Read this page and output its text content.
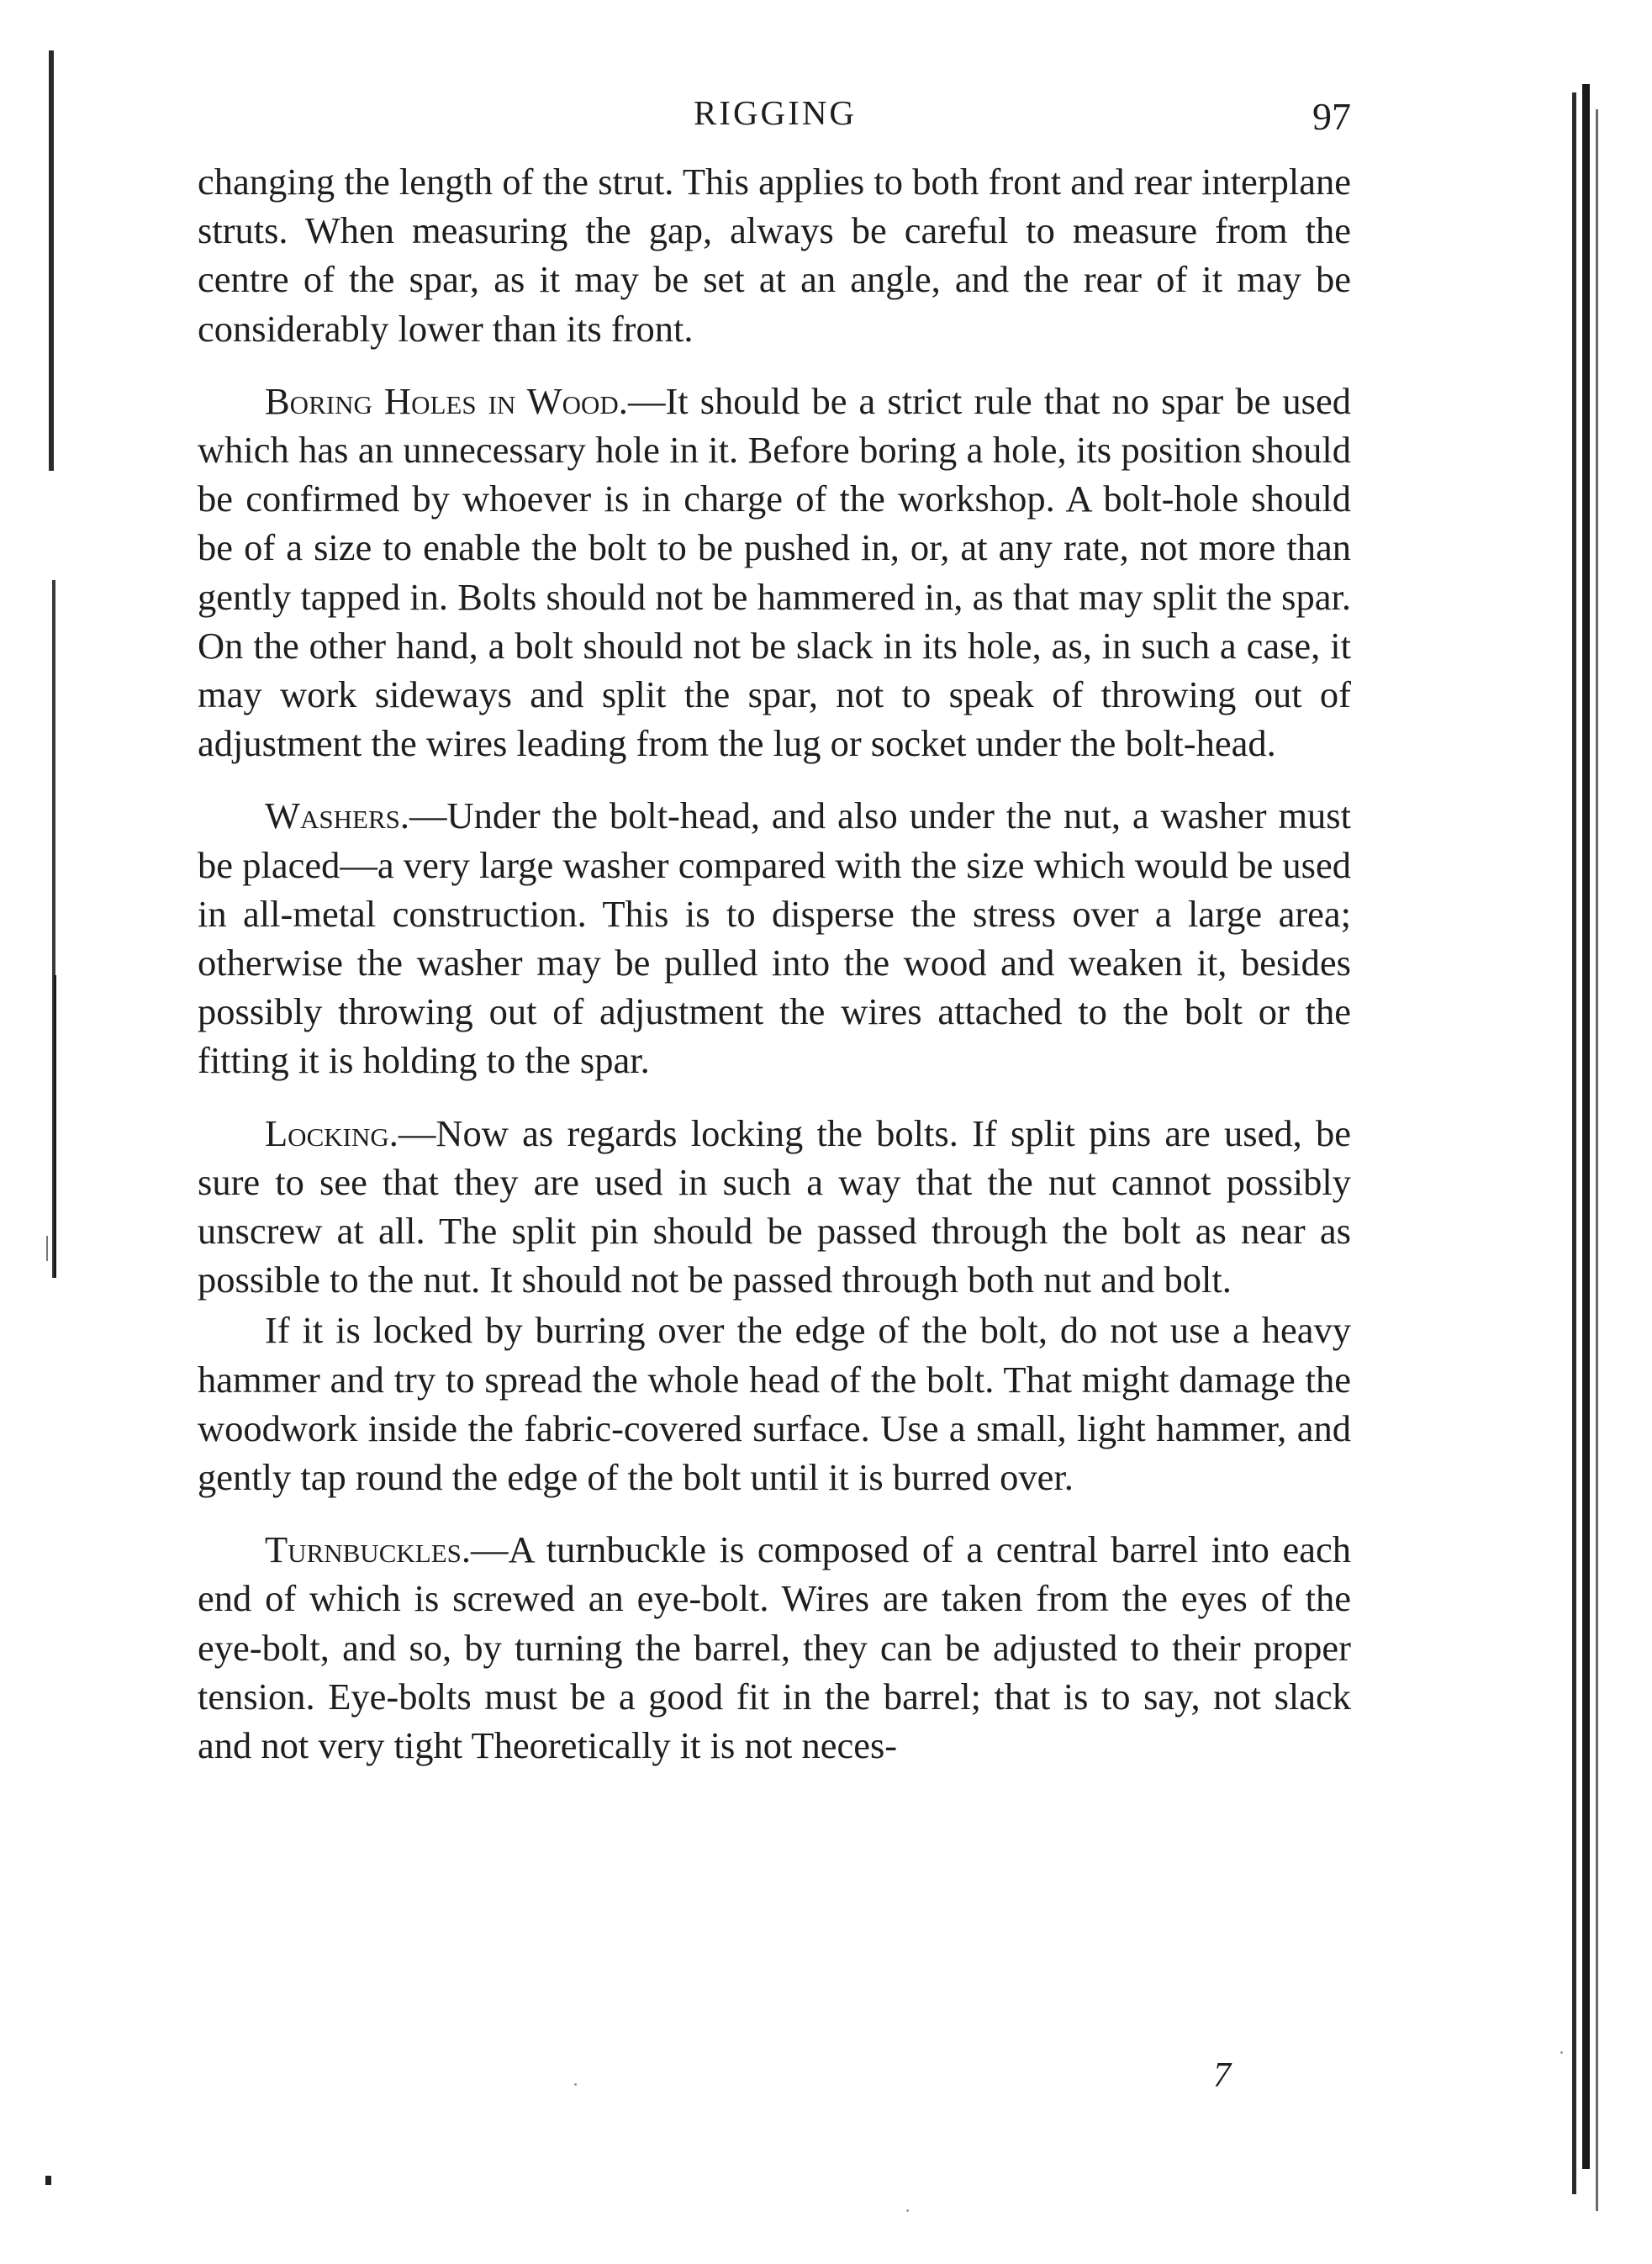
RIGGING	97

changing the length of the strut. This applies to both front and rear interplane struts. When measuring the gap, always be careful to measure from the centre of the spar, as it may be set at an angle, and the rear of it may be considerably lower than its front.

Boring Holes in Wood.—It should be a strict rule that no spar be used which has an unnecessary hole in it. Before boring a hole, its position should be confirmed by whoever is in charge of the workshop. A bolt-hole should be of a size to enable the bolt to be pushed in, or, at any rate, not more than gently tapped in. Bolts should not be hammered in, as that may split the spar. On the other hand, a bolt should not be slack in its hole, as, in such a case, it may work sideways and split the spar, not to speak of throwing out of adjustment the wires leading from the lug or socket under the bolt-head.

Washers.—Under the bolt-head, and also under the nut, a washer must be placed—a very large washer compared with the size which would be used in all-metal construction. This is to disperse the stress over a large area; otherwise the washer may be pulled into the wood and weaken it, besides possibly throwing out of adjustment the wires attached to the bolt or the fitting it is holding to the spar.

Locking.—Now as regards locking the bolts. If split pins are used, be sure to see that they are used in such a way that the nut cannot possibly unscrew at all. The split pin should be passed through the bolt as near as possible to the nut. It should not be passed through both nut and bolt.

If it is locked by burring over the edge of the bolt, do not use a heavy hammer and try to spread the whole head of the bolt. That might damage the woodwork inside the fabric-covered surface. Use a small, light hammer, and gently tap round the edge of the bolt until it is burred over.

Turnbuckles.—A turnbuckle is composed of a central barrel into each end of which is screwed an eye-bolt. Wires are taken from the eyes of the eye-bolt, and so, by turning the barrel, they can be adjusted to their proper tension. Eye-bolts must be a good fit in the barrel; that is to say, not slack and not very tight Theoretically it is not neces-

7
